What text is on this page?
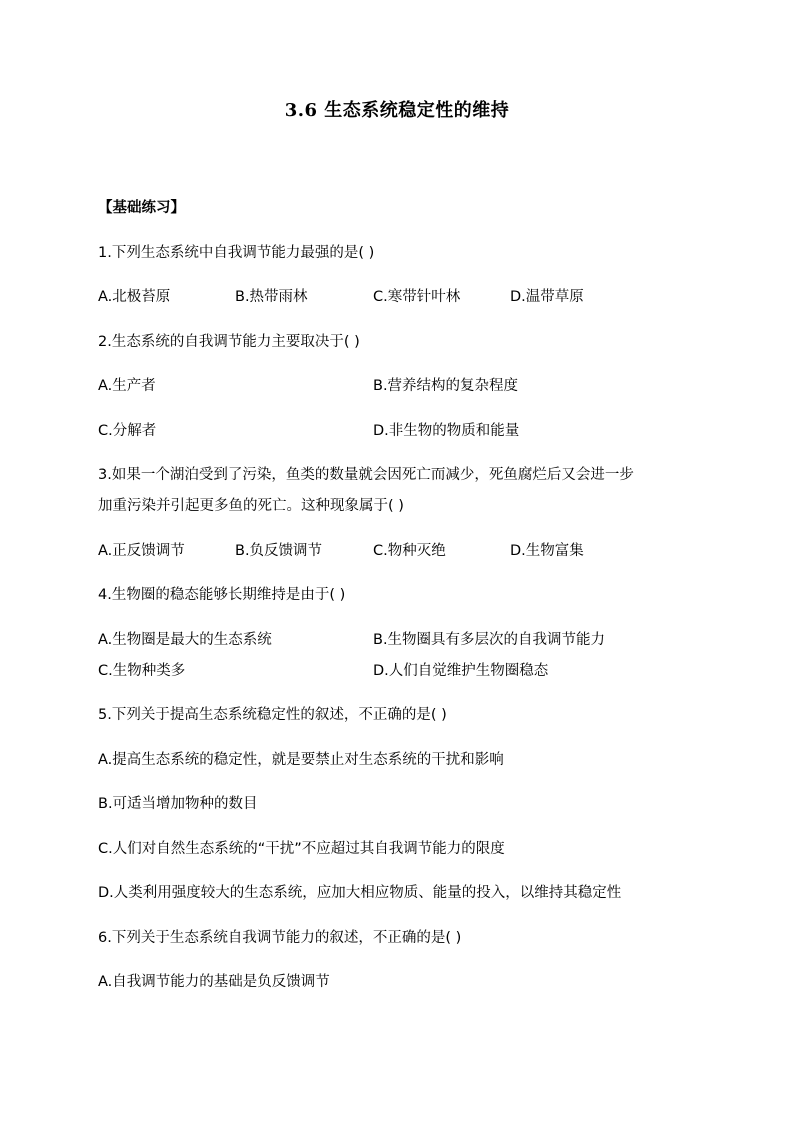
3.6 生态系统稳定性的维持
【基础练习】
1.下列生态系统中自我调节能力最强的是( )
A.北极苔原	B.热带雨林	C.寒带针叶林	D.温带草原
2.生态系统的自我调节能力主要取决于( )
A.生产者	B.营养结构的复杂程度
C.分解者	D.非生物的物质和能量
3.如果一个湖泊受到了污染，鱼类的数量就会因死亡而减少，死鱼腐烂后又会进一步
加重污染并引起更多鱼的死亡。这种现象属于( )
A.正反馈调节	B.负反馈调节	C.物种灭绝	D.生物富集
4.生物圈的稳态能够长期维持是由于( )
A.生物圈是最大的生态系统	B.生物圈具有多层次的自我调节能力
C.生物种类多	D.人们自觉维护生物圈稳态
5.下列关于提高生态系统稳定性的叙述，不正确的是( )
A.提高生态系统的稳定性，就是要禁止对生态系统的干扰和影响
B.可适当增加物种的数目
C.人们对自然生态系统的“干扰”不应超过其自我调节能力的限度
D.人类利用强度较大的生态系统，应加大相应物质、能量的投入，以维持其稳定性
6.下列关于生态系统自我调节能力的叙述，不正确的是( )
A.自我调节能力的基础是负反馈调节
